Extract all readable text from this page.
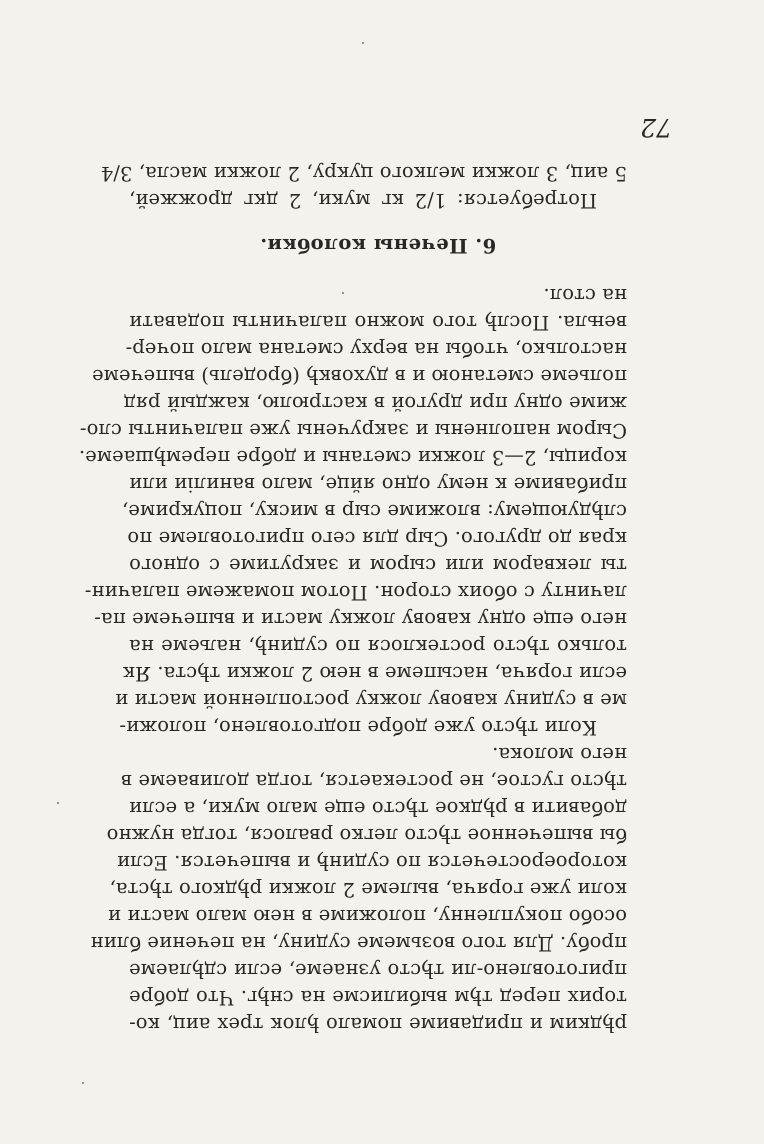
рђдким и придавиме помало ђлок трех аиц, ко-
торих перед тђм выбилисме на снђг. Что добре
приготовлено-ли тђсто узнаеме, если сдђлаеме
пробу. Для того возьмеме судину, на печение блин
особо покупленну, положиме в нею мало масти и
коли уже горяча, вылеме 2 ложки рђдкого тђста,
котороеростечется по судинђ и выпечется. Если
бы выпеченное тђсто легко рвалося, тогда нужно
добавити в рђдкое тђсто еще мало муки, а если
тђсто густое, не ростекается, тогда доливаеме в
него молока.
Коли тђсто уже добре подготовлено, положи-
ме в судину кавову ложку ростопленной масти и
если горяча, насыпеме в нею 2 ложки тђста. Як
только тђсто ростеклося по судинђ, наљеме на
него еще одну кавову ложку масти и выпечеме па-
лачинту с обоих сторон. Потом помажеме палачин-
ты лекваром или сыром и закрутиме с одного
края до другого. Сыр для сего приготовлеме по
слђдующему: вложиме сыр в миску, поцукриме,
прибавиме к нему одно яйце, мало ваниліи или
корицы, 2—3 ложки сметаны и добре перемђшаеме.
Сыром наполнены и закручены уже палачинты сло-
жиме одну при другой в кастрюлю, каждый ряд
польеме сметаною и в духовкђ (бродель) выпечеме
настолько, чтобы на верху сметана мало почер-
вењла. Послђ того можно палачинты подавати
на стол.
6. Печены колобки.
Потребуется: 1/2 кг муки, 2 дкг дрожжей,
5 аиц, 3 ложки мелкого цукру, 2 ложки масла, 3/4
72
